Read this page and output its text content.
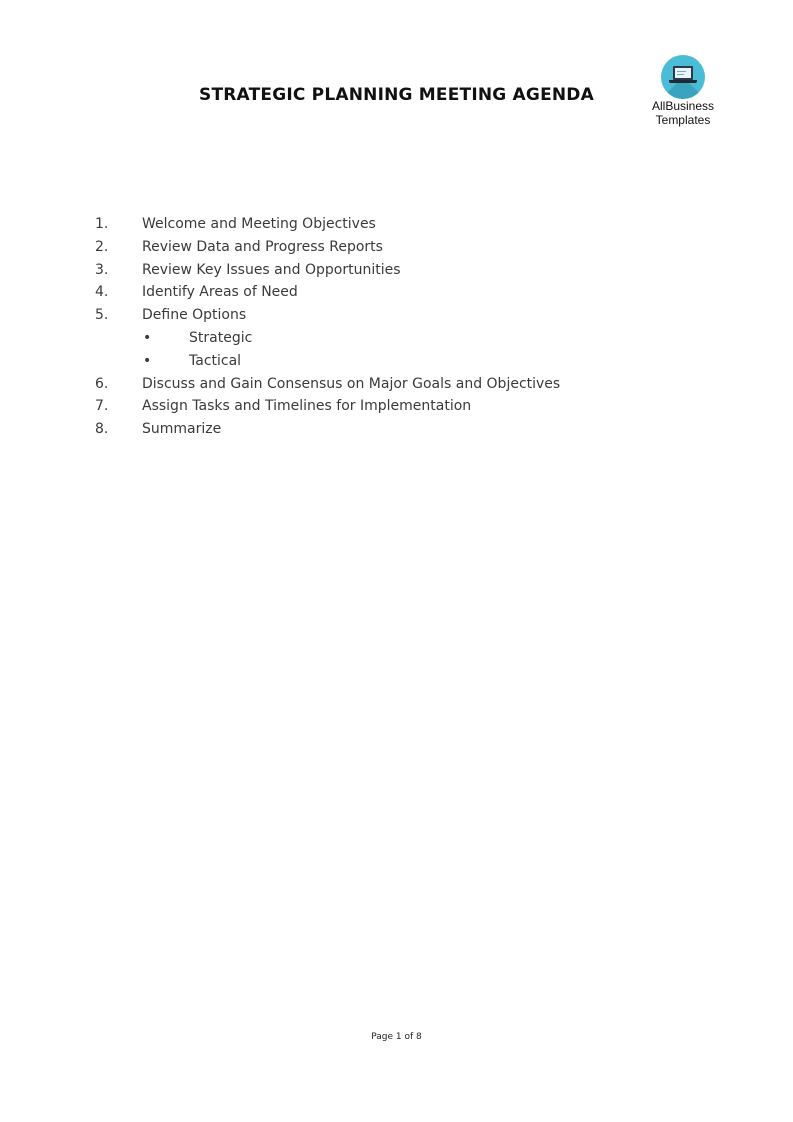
STRATEGIC PLANNING MEETING AGENDA
AllBusiness
Templates
1. Welcome and Meeting Objectives
2. Review Data and Progress Reports
3. Review Key Issues and Opportunities
4. Identify Areas of Need
5. Define Options
•	Strategic
•	Tactical
6. Discuss and Gain Consensus on Major Goals and Objectives
7. Assign Tasks and Timelines for Implementation
8. Summarize
Page 1 of 8
